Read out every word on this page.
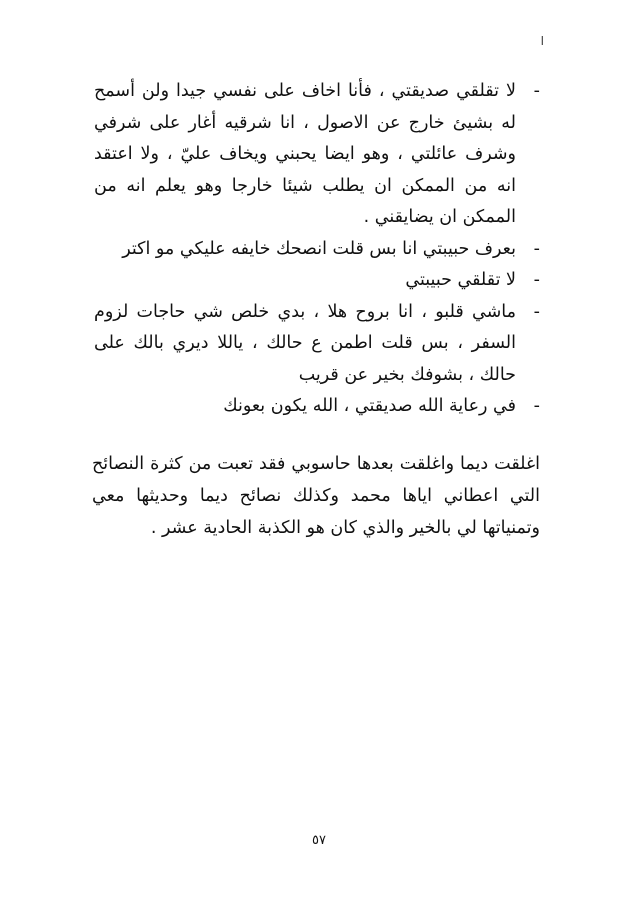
ا
-
لا تقلقي صديقتي ، فأنا اخاف على نفسي جيدا ولن أسمح له بشيئ خارج عن الاصول ، انا شرقيه أغار على شرفي وشرف عائلتي ، وهو ايضا يحبني ويخاف عليّ ، ولا اعتقد انه من الممكن ان يطلب شيئا خارجا وهو يعلم انه من الممكن ان يضايقني .
-
بعرف حبيبتي انا بس قلت انصحك خايفه عليكي مو اكتر
-
لا تقلقي حبيبتي
-
ماشي قلبو ، انا بروح هلا ، بدي خلص شي حاجات لزوم السفر ، بس قلت اطمن ع حالك ، ياللا ديري بالك على حالك ، بشوفك بخير عن قريب
-
في رعاية الله صديقتي ، الله يكون بعونك

اغلقت ديما واغلقت بعدها حاسوبي فقد تعبت من كثرة النصائح التي اعطاني اياها محمد وكذلك نصائح ديما وحديثها معي وتمنياتها لي بالخير والذي كان هو الكذبة الحادية عشر .

٥٧
